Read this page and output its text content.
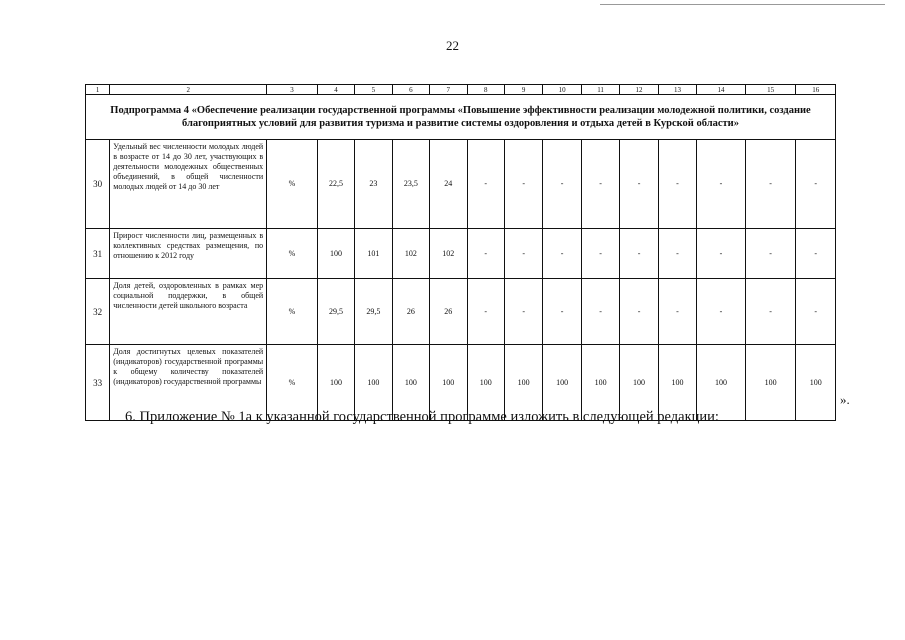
22
1	2	3	4	5	6	7	8	9	10	11	12	13	14	15	16
Подпрограмма 4 «Обеспечение реализации государственной программы «Повышение эффективности реализации молодежной политики, создание благоприятных условий для развития туризма и развитие системы оздоровления и отдыха детей в Курской области»															
30	Удельный вес численности молодых людей в возрасте от 14 до 30 лет, участвующих в деятельности молодежных общественных объединений, в общей численности молодых людей от 14 до 30 лет	%	22,5	23	23,5	24	-	-	-	-	-	-	-	-	-
31	Прирост численности лиц, размещенных в коллективных средствах размещения, по отношению к 2012 году	%	100	101	102	102	-	-	-	-	-	-	-	-	-
32	Доля детей, оздоровленных в рамках мер социальной поддержки, в общей численности детей школьного возраста	%	29,5	29,5	26	26	-	-	-	-	-	-	-	-	-
33	Доля достигнутых целевых показателей (индикаторов) государственной программы к общему количеству показателей (индикаторов) государственной программы	%	100	100	100	100	100	100	100	100	100	100	100	100	100
».
6. Приложение № 1а к указанной государственной программе изложить в следующей редакции:
